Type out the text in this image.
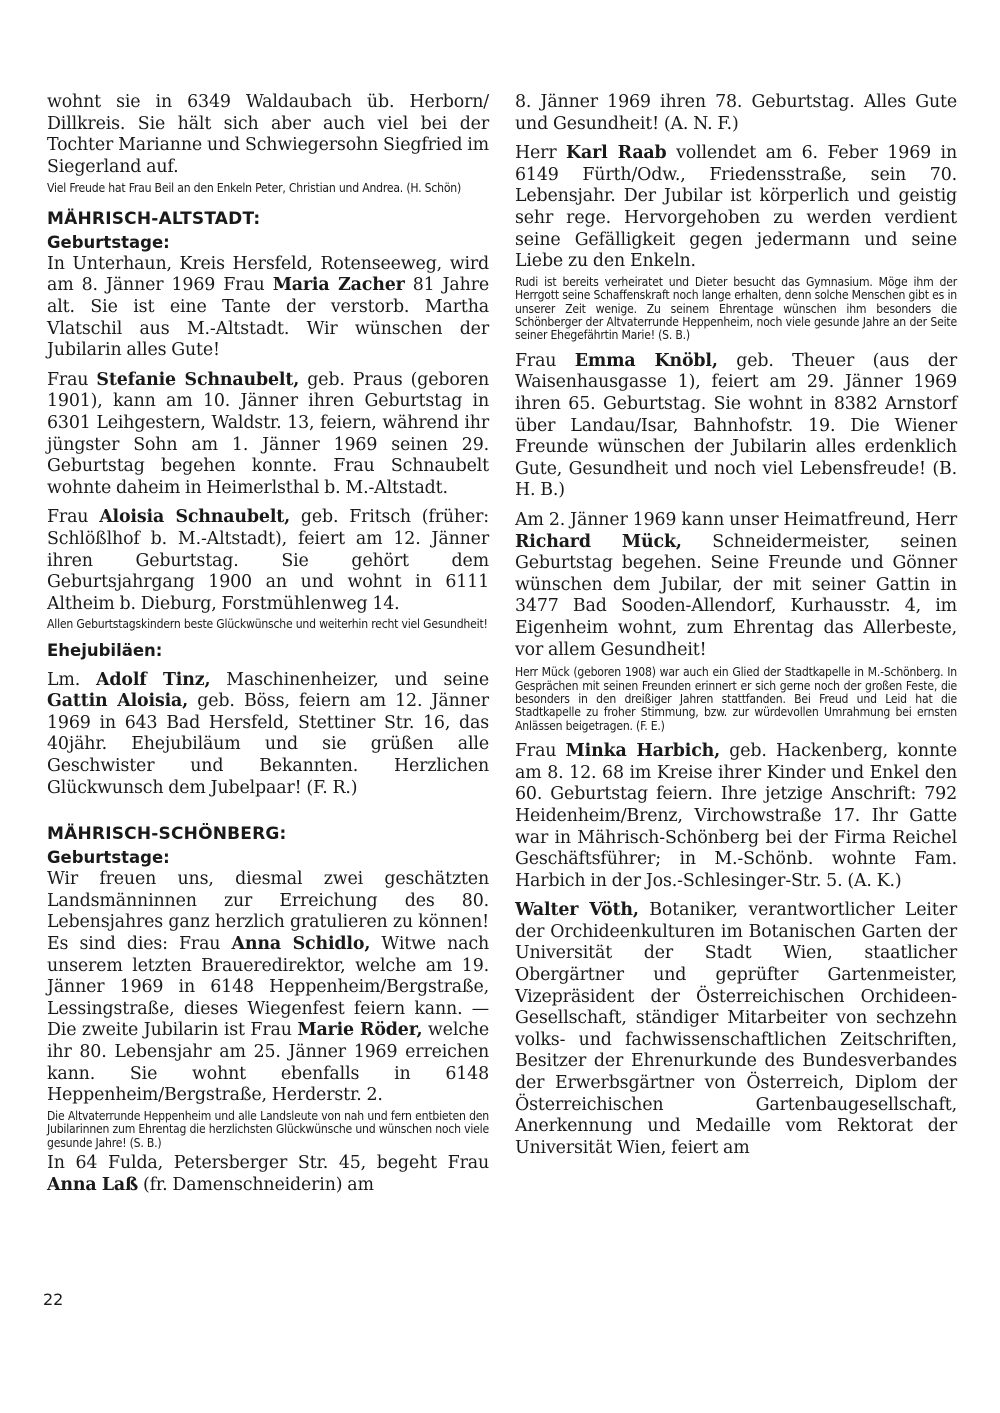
wohnt sie in 6349 Waldaubach üb. Herborn/ Dillkreis. Sie hält sich aber auch viel bei der Tochter Marianne und Schwiegersohn Siegfried im Siegerland auf.

Viel Freude hat Frau Beil an den Enkeln Peter, Christian und Andrea. (H. Schön)

MÄHRISCH-ALTSTADT:
Geburtstage:

In Unterhaun, Kreis Hersfeld, Rotenseeweg, wird am 8. Jänner 1969 Frau Maria Zacher 81 Jahre alt. Sie ist eine Tante der verstorb. Martha Vlatschil aus M.-Altstadt. Wir wünschen der Jubilarin alles Gute!

Frau Stefanie Schnaubelt, geb. Praus (geboren 1901), kann am 10. Jänner ihren Geburtstag in 6301 Leihgestern, Waldstr. 13, feiern, während ihr jüngster Sohn am 1. Jänner 1969 seinen 29. Geburtstag begehen konnte. Frau Schnaubelt wohnte daheim in Heimerlsthal b. M.-Altstadt.

Frau Aloisia Schnaubelt, geb. Fritsch (früher: Schlößlhof b. M.-Altstadt), feiert am 12. Jänner ihren Geburtstag. Sie gehört dem Geburtsjahrgang 1900 an und wohnt in 6111 Altheim b. Dieburg, Forstmühlenweg 14.

Allen Geburtstagskindern beste Glückwünsche und weiterhin recht viel Gesundheit!

Ehejubiläen:

Lm. Adolf Tinz, Maschinenheizer, und seine Gattin Aloisia, geb. Böss, feiern am 12. Jänner 1969 in 643 Bad Hersfeld, Stettiner Str. 16, das 40jähr. Ehejubiläum und sie grüßen alle Geschwister und Bekannten. Herzlichen Glückwunsch dem Jubelpaar! (F. R.)

MÄHRISCH-SCHÖNBERG:
Geburtstage:

Wir freuen uns, diesmal zwei geschätzten Landsmänninnen zur Erreichung des 80. Lebensjahres ganz herzlich gratulieren zu können! Es sind dies: Frau Anna Schidlo, Witwe nach unserem letzten Braueredirektor, welche am 19. Jänner 1969 in 6148 Heppenheim/Bergstraße, Lessingstraße, dieses Wiegenfest feiern kann. — Die zweite Jubilarin ist Frau Marie Röder, welche ihr 80. Lebensjahr am 25. Jänner 1969 erreichen kann. Sie wohnt ebenfalls in 6148 Heppenheim/Bergstraße, Herderstr. 2.

Die Altvaterrunde Heppenheim und alle Landsleute von nah und fern entbieten den Jubilarinnen zum Ehrentag die herzlichsten Glückwünsche und wünschen noch viele gesunde Jahre! (S. B.)

In 64 Fulda, Petersberger Str. 45, begeht Frau Anna Laß (fr. Damenschneiderin) am

8. Jänner 1969 ihren 78. Geburtstag. Alles Gute und Gesundheit! (A. N. F.)

Herr Karl Raab vollendet am 6. Feber 1969 in 6149 Fürth/Odw., Friedensstraße, sein 70. Lebensjahr. Der Jubilar ist körperlich und geistig sehr rege. Hervorgehoben zu werden verdient seine Gefälligkeit gegen jedermann und seine Liebe zu den Enkeln.

Rudi ist bereits verheiratet und Dieter besucht das Gymnasium. Möge ihm der Herrgott seine Schaffenskraft noch lange erhalten, denn solche Menschen gibt es in unserer Zeit wenige. Zu seinem Ehrentage wünschen ihm besonders die Schönberger der Altvaterrunde Heppenheim, noch viele gesunde Jahre an der Seite seiner Ehegefährtin Marie! (S. B.)

Frau Emma Knöbl, geb. Theuer (aus der Waisenhausgasse 1), feiert am 29. Jänner 1969 ihren 65. Geburtstag. Sie wohnt in 8382 Arnstorf über Landau/Isar, Bahnhofstr. 19. Die Wiener Freunde wünschen der Jubilarin alles erdenklich Gute, Gesundheit und noch viel Lebensfreude! (B. H. B.)

Am 2. Jänner 1969 kann unser Heimatfreund, Herr Richard Mück, Schneidermeister, seinen Geburtstag begehen. Seine Freunde und Gönner wünschen dem Jubilar, der mit seiner Gattin in 3477 Bad Sooden-Allendorf, Kurhausstr. 4, im Eigenheim wohnt, zum Ehrentag das Allerbeste, vor allem Gesundheit!

Herr Mück (geboren 1908) war auch ein Glied der Stadtkapelle in M.-Schönberg. In Gesprächen mit seinen Freunden erinnert er sich gerne noch der großen Feste, die besonders in den dreißiger Jahren stattfanden. Bei Freud und Leid hat die Stadtkapelle zu froher Stimmung, bzw. zur würdevollen Umrahmung bei ernsten Anlässen beigetragen. (F. E.)

Frau Minka Harbich, geb. Hackenberg, konnte am 8. 12. 68 im Kreise ihrer Kinder und Enkel den 60. Geburtstag feiern. Ihre jetzige Anschrift: 792 Heidenheim/Brenz, Virchowstraße 17. Ihr Gatte war in Mährisch-Schönberg bei der Firma Reichel Geschäftsführer; in M.-Schönb. wohnte Fam. Harbich in der Jos.-Schlesinger-Str. 5. (A. K.)

Walter Vöth, Botaniker, verantwortlicher Leiter der Orchideenkulturen im Botanischen Garten der Universität der Stadt Wien, staatlicher Obergärtner und geprüfter Gartenmeister, Vizepräsident der Österreichischen Orchideen-Gesellschaft, ständiger Mitarbeiter von sechzehn volks- und fachwissenschaftlichen Zeitschriften, Besitzer der Ehrenurkunde des Bundesverbandes der Erwerbsgärtner von Österreich, Diplom der Österreichischen Gartenbaugesellschaft, Anerkennung und Medaille vom Rektorat der Universität Wien, feiert am

22
